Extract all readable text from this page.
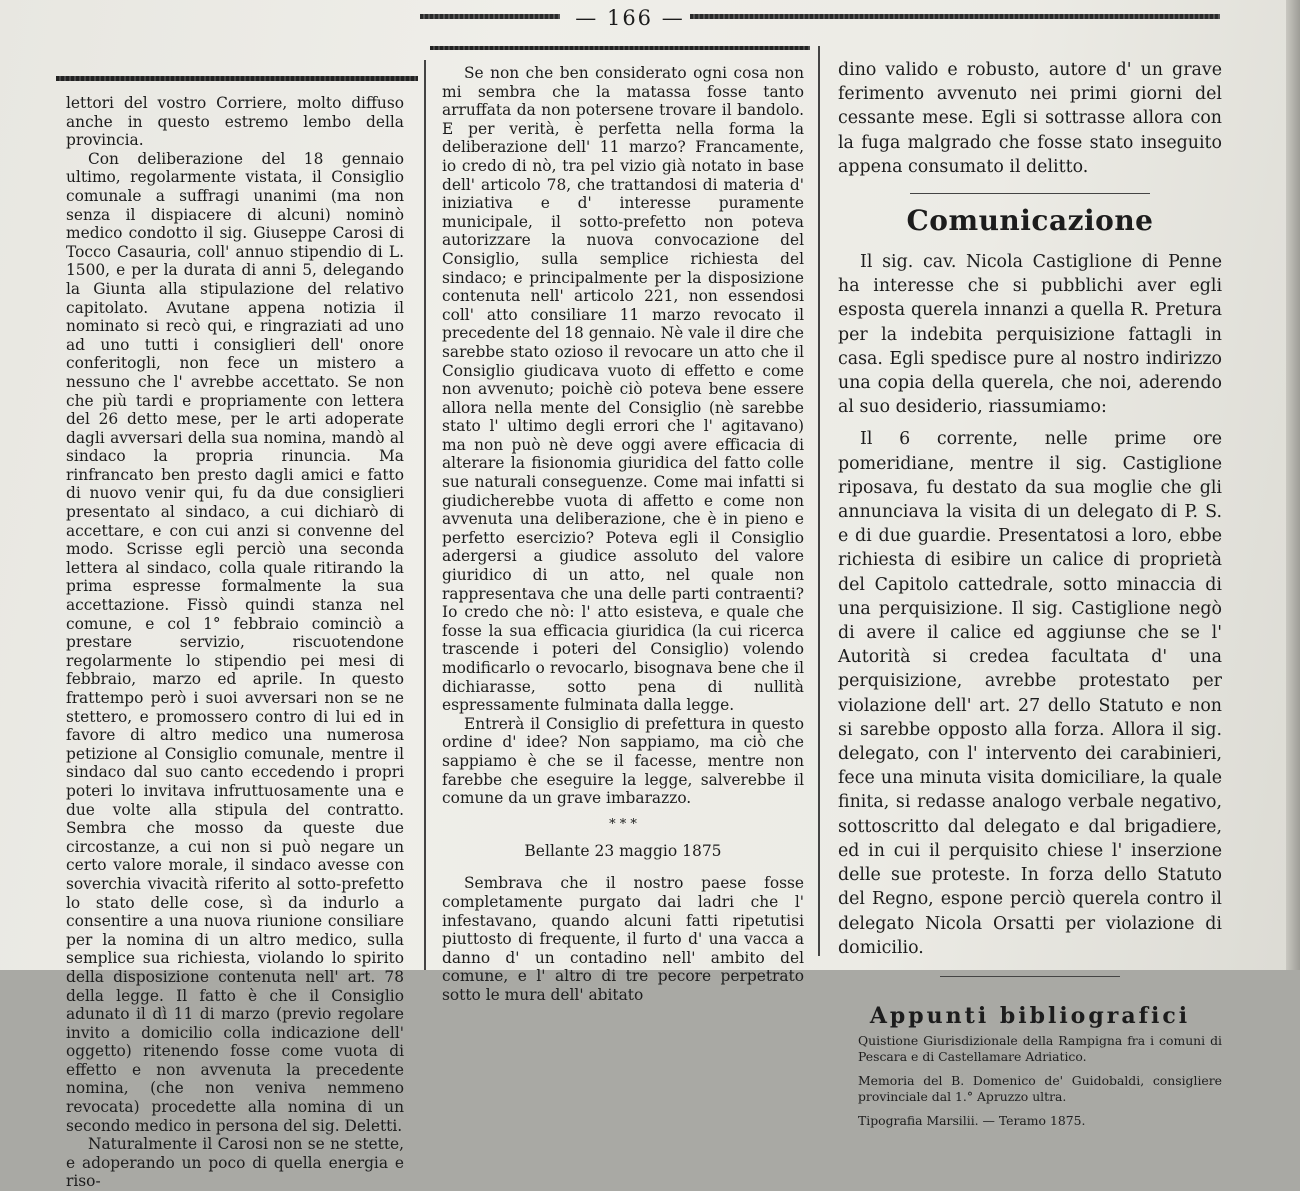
— 166 —

lettori del vostro Corriere, molto diffuso anche in questo estremo lembo della provincia.

Con deliberazione del 18 gennaio ultimo, regolarmente vistata, il Consiglio comunale a suffragi unanimi (ma non senza il dispiacere di alcuni) nominò medico condotto il sig. Giuseppe Carosi di Tocco Casauria, coll' annuo stipendio di L. 1500, e per la durata di anni 5, delegando la Giunta alla stipulazione del relativo capitolato. Avutane appena notizia il nominato si recò qui, e ringraziati ad uno ad uno tutti i consiglieri dell' onore conferitogli, non fece un mistero a nessuno che l' avrebbe accettato. Se non che più tardi e propriamente con lettera del 26 detto mese, per le arti adoperate dagli avversari della sua nomina, mandò al sindaco la propria rinuncia. Ma rinfrancato ben presto dagli amici e fatto di nuovo venir qui, fu da due consiglieri presentato al sindaco, a cui dichiarò di accettare, e con cui anzi si convenne del modo. Scrisse egli perciò una seconda lettera al sindaco, colla quale ritirando la prima espresse formalmente la sua accettazione. Fissò quindi stanza nel comune, e col 1° febbraio cominciò a prestare servizio, riscuotendone regolarmente lo stipendio pei mesi di febbraio, marzo ed aprile. In questo frattempo però i suoi avversari non se ne stettero, e promossero contro di lui ed in favore di altro medico una numerosa petizione al Consiglio comunale, mentre il sindaco dal suo canto eccedendo i propri poteri lo invitava infruttuosamente una e due volte alla stipula del contratto. Sembra che mosso da queste due circostanze, a cui non si può negare un certo valore morale, il sindaco avesse con soverchia vivacità riferito al sotto-prefetto lo stato delle cose, sì da indurlo a consentire a una nuova riunione consiliare per la nomina di un altro medico, sulla semplice sua richiesta, violando lo spirito della disposizione contenuta nell' art. 78 della legge. Il fatto è che il Consiglio adunato il dì 11 di marzo (previo regolare invito a domicilio colla indicazione dell' oggetto) ritenendo fosse come vuota di effetto e non avvenuta la precedente nomina, (che non veniva nemmeno revocata) procedette alla nomina di un secondo medico in persona del sig. Deletti.

Naturalmente il Carosi non se ne stette, e adoperando un poco di quella energia e riso-

Se non che ben considerato ogni cosa non mi sembra che la matassa fosse tanto arruffata da non potersene trovare il bandolo. E per verità, è perfetta nella forma la deliberazione dell' 11 marzo? Francamente, io credo di nò, tra pel vizio già notato in base dell' articolo 78, che trattandosi di materia d' iniziativa e d' interesse puramente municipale, il sotto-prefetto non poteva autorizzare la nuova convocazione del Consiglio, sulla semplice richiesta del sindaco; e principalmente per la disposizione contenuta nell' articolo 221, non essendosi coll' atto consiliare 11 marzo revocato il precedente del 18 gennaio. Nè vale il dire che sarebbe stato ozioso il revocare un atto che il Consiglio giudicava vuoto di effetto e come non avvenuto; poichè ciò poteva bene essere allora nella mente del Consiglio (nè sarebbe stato l' ultimo degli errori che l' agitavano) ma non può nè deve oggi avere efficacia di alterare la fisionomia giuridica del fatto colle sue naturali conseguenze. Come mai infatti si giudicherebbe vuota di affetto e come non avvenuta una deliberazione, che è in pieno e perfetto esercizio? Poteva egli il Consiglio adergersi a giudice assoluto del valore giuridico di un atto, nel quale non rappresentava che una delle parti contraenti? Io credo che nò: l' atto esisteva, e quale che fosse la sua efficacia giuridica (la cui ricerca trascende i poteri del Consiglio) volendo modificarlo o revocarlo, bisognava bene che il dichiarasse, sotto pena di nullità espressamente fulminata dalla legge.

Entrerà il Consiglio di prefettura in questo ordine d' idee? Non sappiamo, ma ciò che sappiamo è che se il facesse, mentre non farebbe che eseguire la legge, salverebbe il comune da un grave imbarazzo.

* * *
Bellante 23 maggio 1875

Sembrava che il nostro paese fosse completamente purgato dai ladri che l' infestavano, quando alcuni fatti ripetutisi piuttosto di frequente, il furto d' una vacca a danno d' un contadino nell' ambito del comune, e l' altro di tre pecore perpetrato sotto le mura dell' abitato

dino valido e robusto, autore d' un grave ferimento avvenuto nei primi giorni del cessante mese. Egli si sottrasse allora con la fuga malgrado che fosse stato inseguito appena consumato il delitto.

Comunicazione

Il sig. cav. Nicola Castiglione di Penne ha interesse che si pubblichi aver egli esposta querela innanzi a quella R. Pretura per la indebita perquisizione fattagli in casa. Egli spedisce pure al nostro indirizzo una copia della querela, che noi, aderendo al suo desiderio, riassumiamo:

Il 6 corrente, nelle prime ore pomeridiane, mentre il sig. Castiglione riposava, fu destato da sua moglie che gli annunciava la visita di un delegato di P. S. e di due guardie. Presentatosi a loro, ebbe richiesta di esibire un calice di proprietà del Capitolo cattedrale, sotto minaccia di una perquisizione. Il sig. Castiglione negò di avere il calice ed aggiunse che se l' Autorità si credea facultata d' una perquisizione, avrebbe protestato per violazione dell' art. 27 dello Statuto e non si sarebbe opposto alla forza. Allora il sig. delegato, con l' intervento dei carabinieri, fece una minuta visita domiciliare, la quale finita, si redasse analogo verbale negativo, sottoscritto dal delegato e dal brigadiere, ed in cui il perquisito chiese l' inserzione delle sue proteste. In forza dello Statuto del Regno, espone perciò querela contro il delegato Nicola Orsatti per violazione di domicilio.

Appunti bibliografici

Quistione Giurisdizionale della Rampigna fra i comuni di Pescara e di Castellamare Adriatico.

Memoria del B. Domenico de' Guidobaldi, consigliere provinciale dal 1.° Apruzzo ultra.

Tipografia Marsilii. — Teramo 1875.
